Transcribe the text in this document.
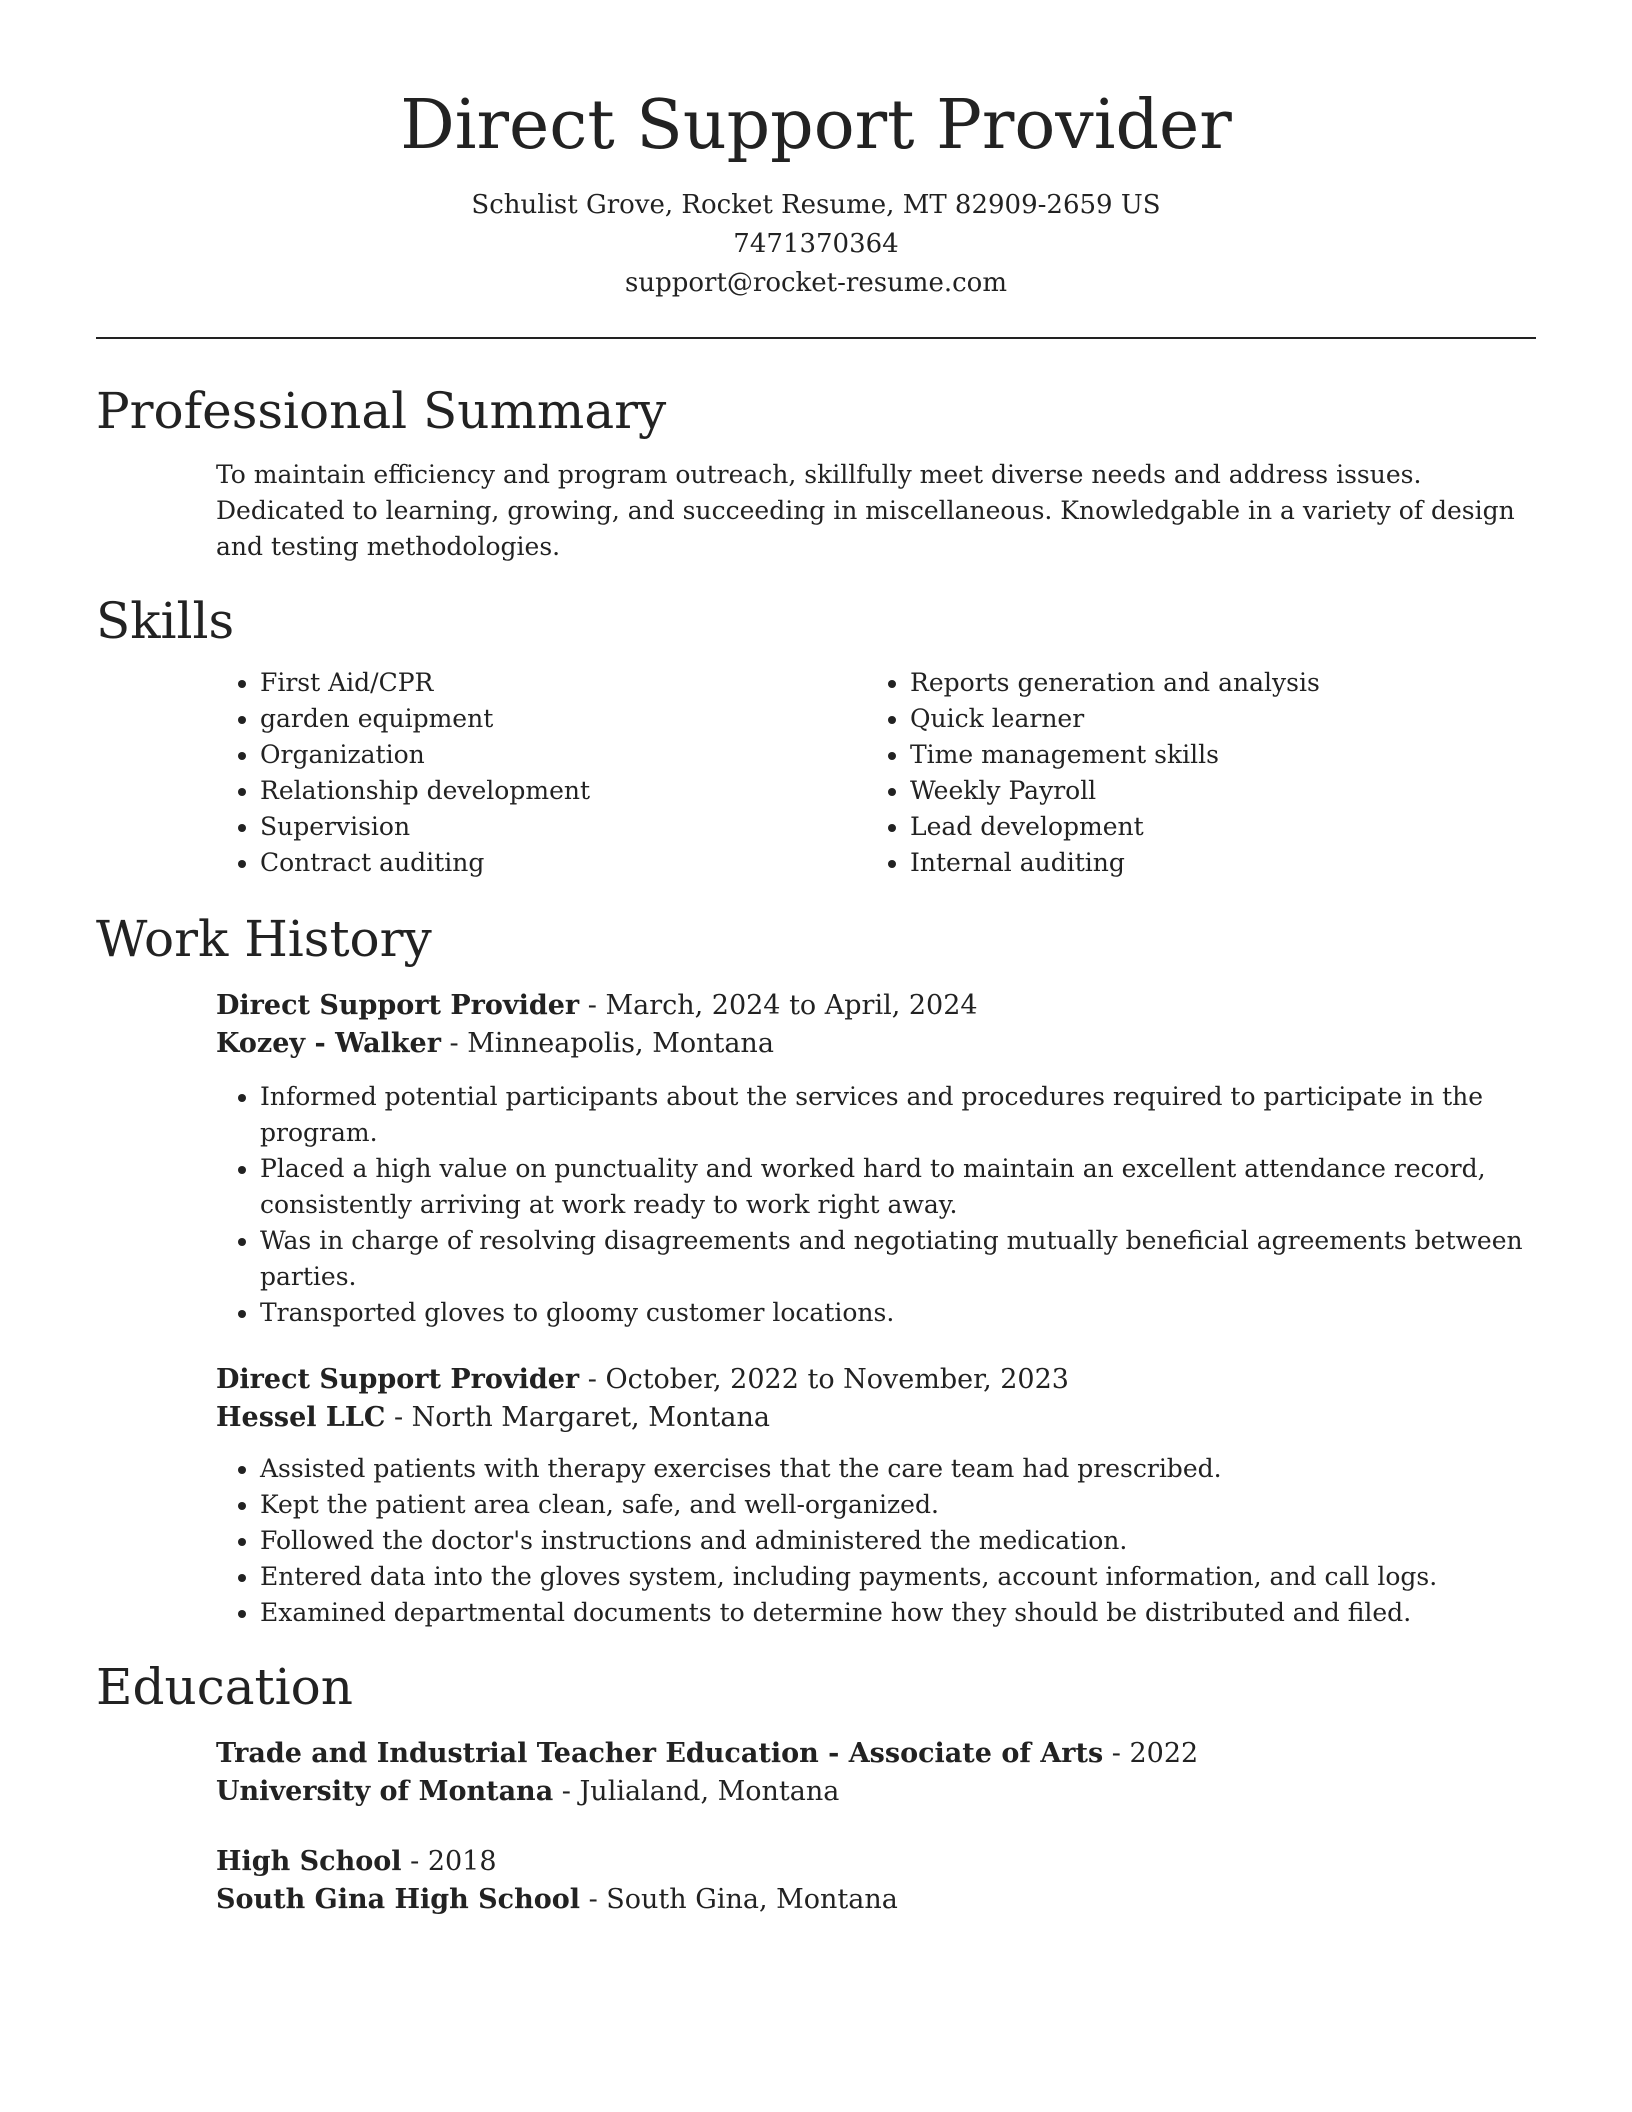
Direct Support Provider

Schulist Grove, Rocket Resume, MT 82909-2659 US

7471370364

support@rocket-resume.com

Professional Summary

To maintain efficiency and program outreach, skillfully meet diverse needs and address issues. Dedicated to learning, growing, and succeeding in miscellaneous. Knowledgable in a variety of design and testing methodologies.

Skills
• First Aid/CPR
• garden equipment
• Organization
• Relationship development
• Supervision
• Contract auditing
• Reports generation and analysis
• Quick learner
• Time management skills
• Weekly Payroll
• Lead development
• Internal auditing
Work History

Direct Support Provider - March, 2024 to April, 2024

Kozey - Walker - Minneapolis, Montana

• Informed potential participants about the services and procedures required to participate in the program.
• Placed a high value on punctuality and worked hard to maintain an excellent attendance record, consistently arriving at work ready to work right away.
• Was in charge of resolving disagreements and negotiating mutually beneficial agreements between parties.
• Transported gloves to gloomy customer locations.

Direct Support Provider - October, 2022 to November, 2023

Hessel LLC - North Margaret, Montana

• Assisted patients with therapy exercises that the care team had prescribed.
• Kept the patient area clean, safe, and well-organized.
• Followed the doctor's instructions and administered the medication.
• Entered data into the gloves system, including payments, account information, and call logs.
• Examined departmental documents to determine how they should be distributed and filed.
Education

Trade and Industrial Teacher Education - Associate of Arts - 2022

University of Montana - Julialand, Montana

High School - 2018

South Gina High School - South Gina, Montana
